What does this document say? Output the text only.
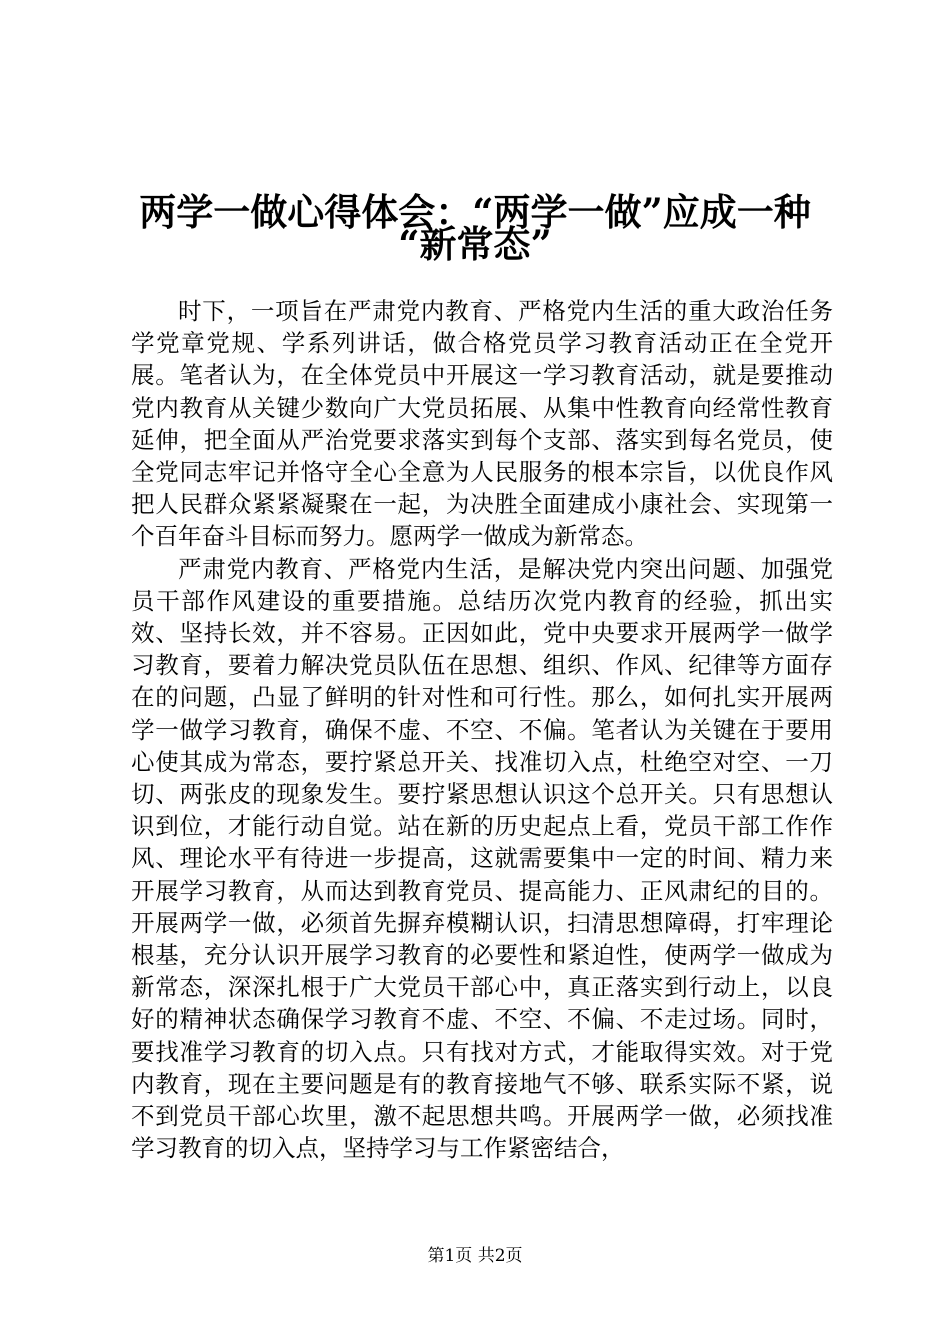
两学一做心得体会：“两学一做”应成一种
“新常态”

时下，一项旨在严肃党内教育、严格党内生活的重大政治任务学党章党规、学系列讲话，做合格党员学习教育活动正在全党开展。笔者认为，在全体党员中开展这一学习教育活动，就是要推动党内教育从关键少数向广大党员拓展、从集中性教育向经常性教育延伸，把全面从严治党要求落实到每个支部、落实到每名党员，使全党同志牢记并恪守全心全意为人民服务的根本宗旨，以优良作风把人民群众紧紧凝聚在一起，为决胜全面建成小康社会、实现第一个百年奋斗目标而努力。愿两学一做成为新常态。

严肃党内教育、严格党内生活，是解决党内突出问题、加强党员干部作风建设的重要措施。总结历次党内教育的经验，抓出实效、坚持长效，并不容易。正因如此，党中央要求开展两学一做学习教育，要着力解决党员队伍在思想、组织、作风、纪律等方面存在的问题，凸显了鲜明的针对性和可行性。那么，如何扎实开展两学一做学习教育，确保不虚、不空、不偏。笔者认为关键在于要用心使其成为常态，要拧紧总开关、找准切入点，杜绝空对空、一刀切、两张皮的现象发生。要拧紧思想认识这个总开关。只有思想认识到位，才能行动自觉。站在新的历史起点上看，党员干部工作作风、理论水平有待进一步提高，这就需要集中一定的时间、精力来开展学习教育，从而达到教育党员、提高能力、正风肃纪的目的。开展两学一做，必须首先摒弃模糊认识，扫清思想障碍，打牢理论根基，充分认识开展学习教育的必要性和紧迫性，使两学一做成为新常态，深深扎根于广大党员干部心中，真正落实到行动上，以良好的精神状态确保学习教育不虚、不空、不偏、不走过场。同时，要找准学习教育的切入点。只有找对方式，才能取得实效。对于党内教育，现在主要问题是有的教育接地气不够、联系实际不紧，说不到党员干部心坎里，激不起思想共鸣。开展两学一做，必须找准学习教育的切入点，坚持学习与工作紧密结合，

第1页 共2页
